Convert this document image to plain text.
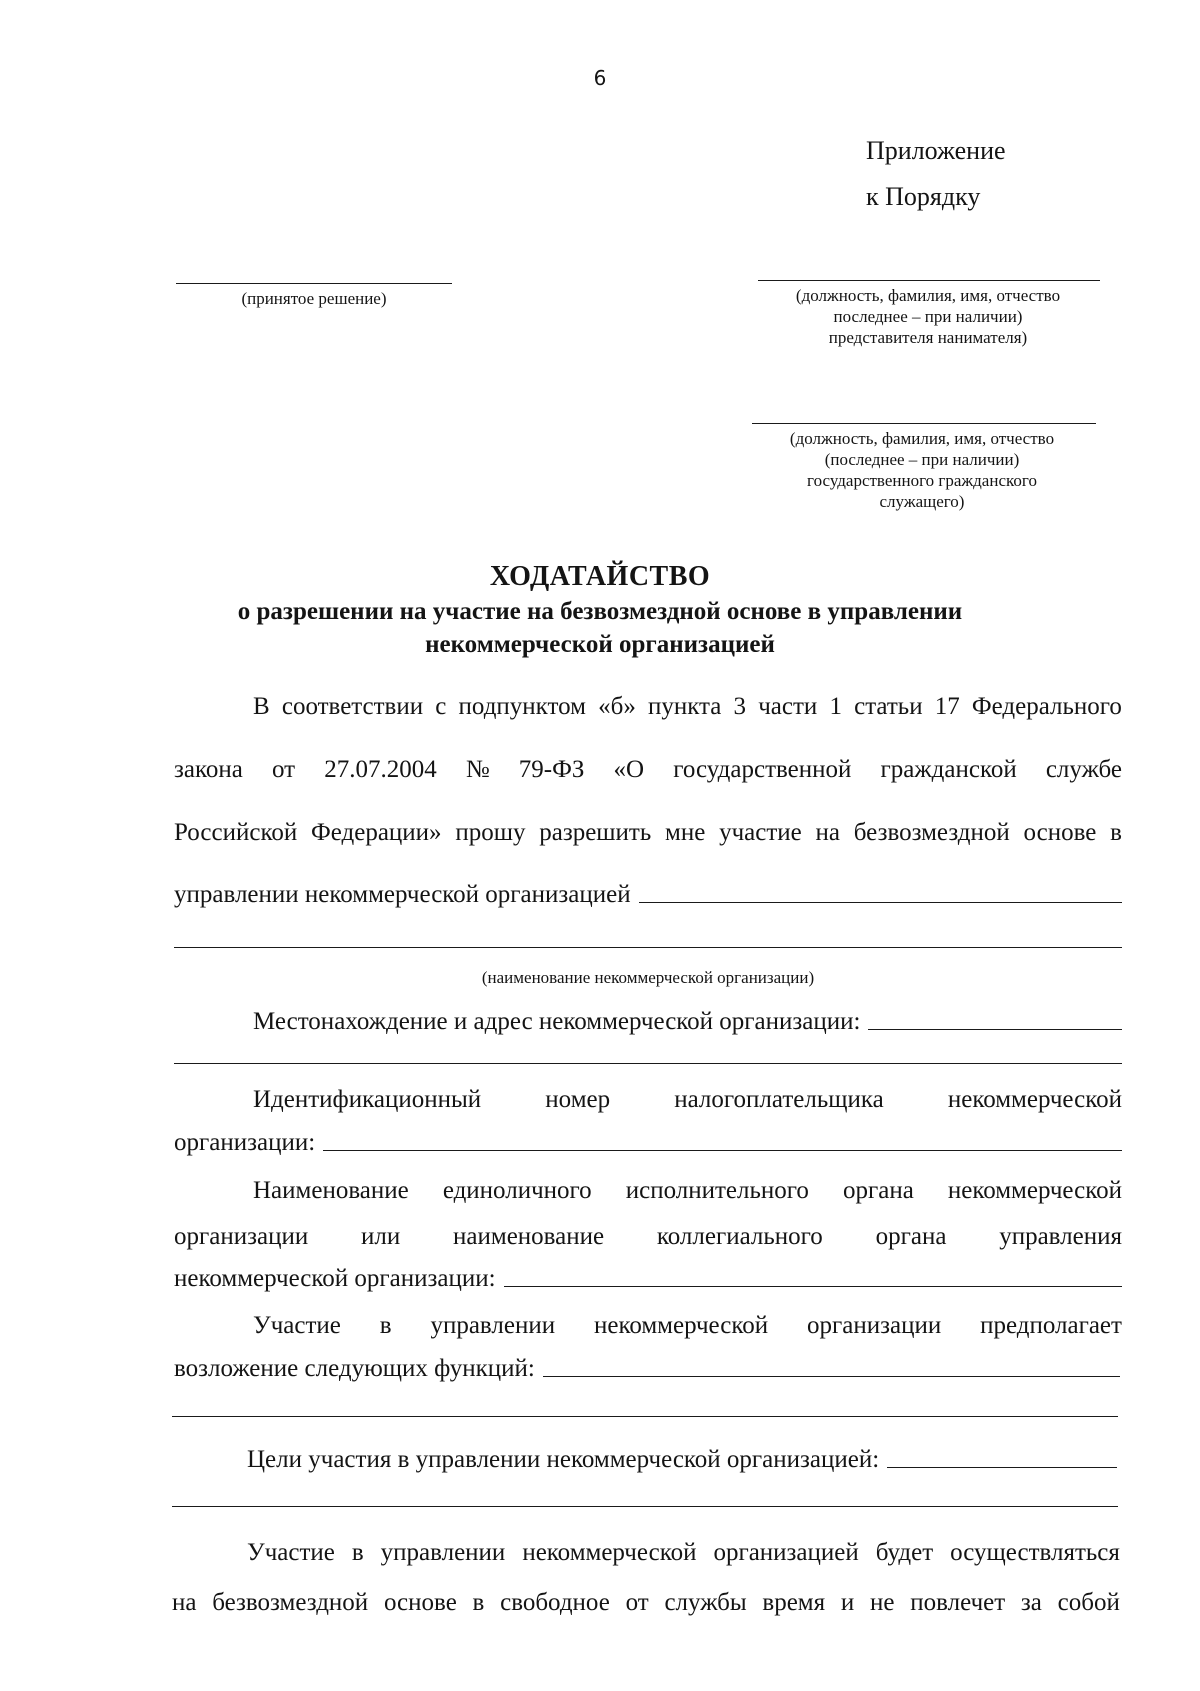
6
Приложение
к Порядку
(принятое решение)	(должность, фамилия, имя, отчество
последнее – при наличии)
представителя нанимателя)
(должность, фамилия, имя, отчество
(последнее – при наличии)
государственного гражданского
служащего)
ХОДАТАЙСТВО
о разрешении на участие на безвозмездной основе в управлении
некоммерческой организацией
В соответствии с подпунктом «б» пункта 3 части 1 статьи 17 Федерального
закона от 27.07.2004 № 79-ФЗ «О государственной гражданской службе
Российской Федерации» прошу разрешить мне участие на безвозмездной основе в
управлении некоммерческой организацией
(наименование некоммерческой организации)
Местонахождение и адрес некоммерческой организации:
Идентификационный	номер	налогоплательщика	некоммерческой
организации:
Наименование единоличного исполнительного органа некоммерческой
организации или наименование коллегиального органа управления
некоммерческой организации:
Участие в управлении некоммерческой организации предполагает
возложение следующих функций:
Цели участия в управлении некоммерческой организацией:
Участие в управлении некоммерческой организацией будет осуществляться
на безвозмездной основе в свободное от службы время и не повлечет за собой
